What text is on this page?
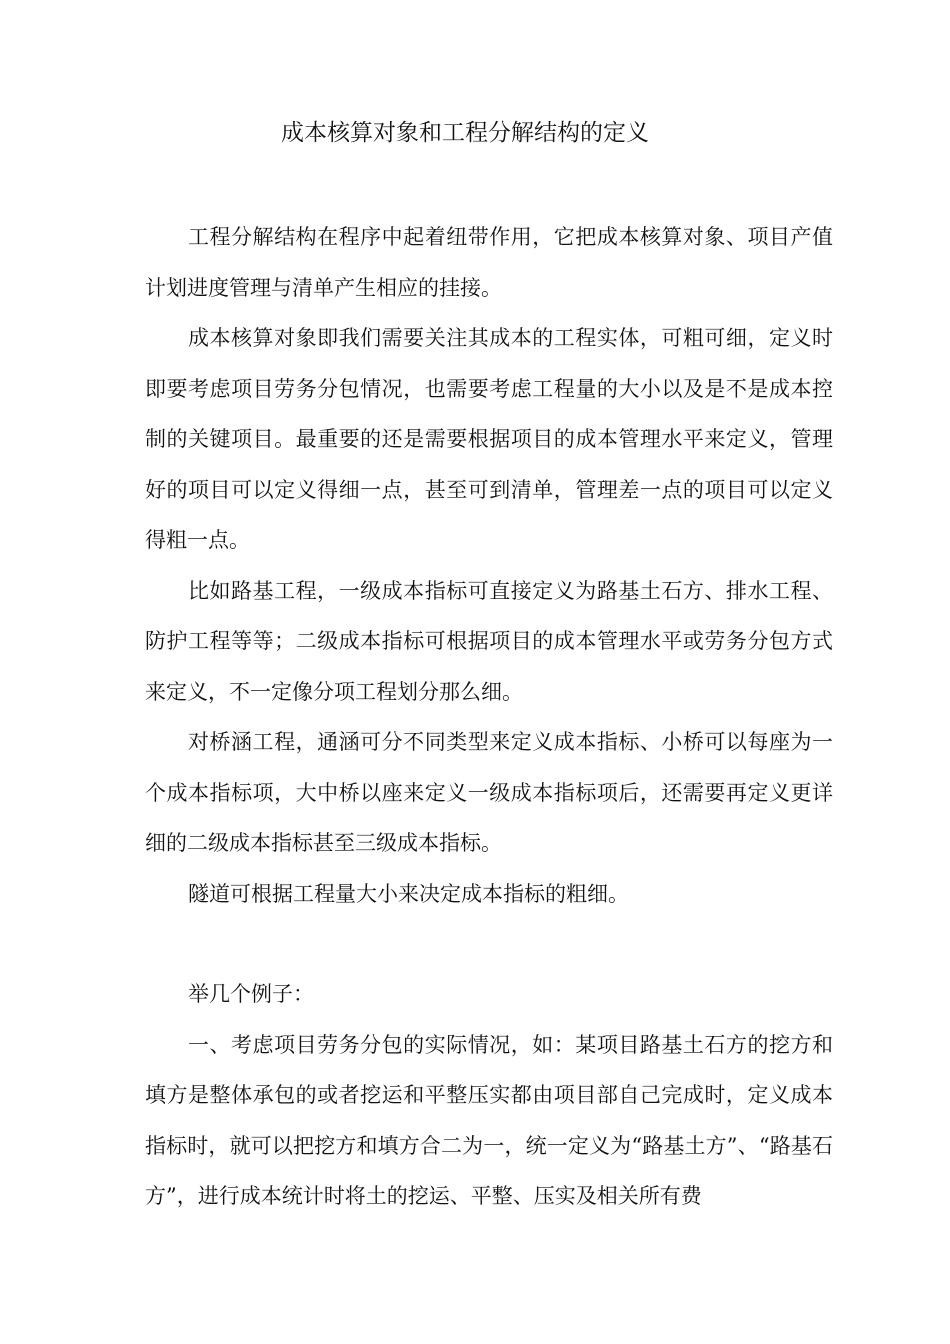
成本核算对象和工程分解结构的定义

工程分解结构在程序中起着纽带作用，它把成本核算对象、项目产值计划进度管理与清单产生相应的挂接。

成本核算对象即我们需要关注其成本的工程实体，可粗可细，定义时即要考虑项目劳务分包情况，也需要考虑工程量的大小以及是不是成本控制的关键项目。最重要的还是需要根据项目的成本管理水平来定义，管理好的项目可以定义得细一点，甚至可到清单，管理差一点的项目可以定义得粗一点。

比如路基工程，一级成本指标可直接定义为路基土石方、排水工程、防护工程等等；二级成本指标可根据项目的成本管理水平或劳务分包方式来定义，不一定像分项工程划分那么细。

对桥涵工程，通涵可分不同类型来定义成本指标、小桥可以每座为一个成本指标项，大中桥以座来定义一级成本指标项后，还需要再定义更详细的二级成本指标甚至三级成本指标。

隧道可根据工程量大小来决定成本指标的粗细。

举几个例子：

一、考虑项目劳务分包的实际情况，如：某项目路基土石方的挖方和填方是整体承包的或者挖运和平整压实都由项目部自己完成时，定义成本指标时，就可以把挖方和填方合二为一，统一定义为“路基土方”、“路基石方”，进行成本统计时将土的挖运、平整、压实及相关所有费
